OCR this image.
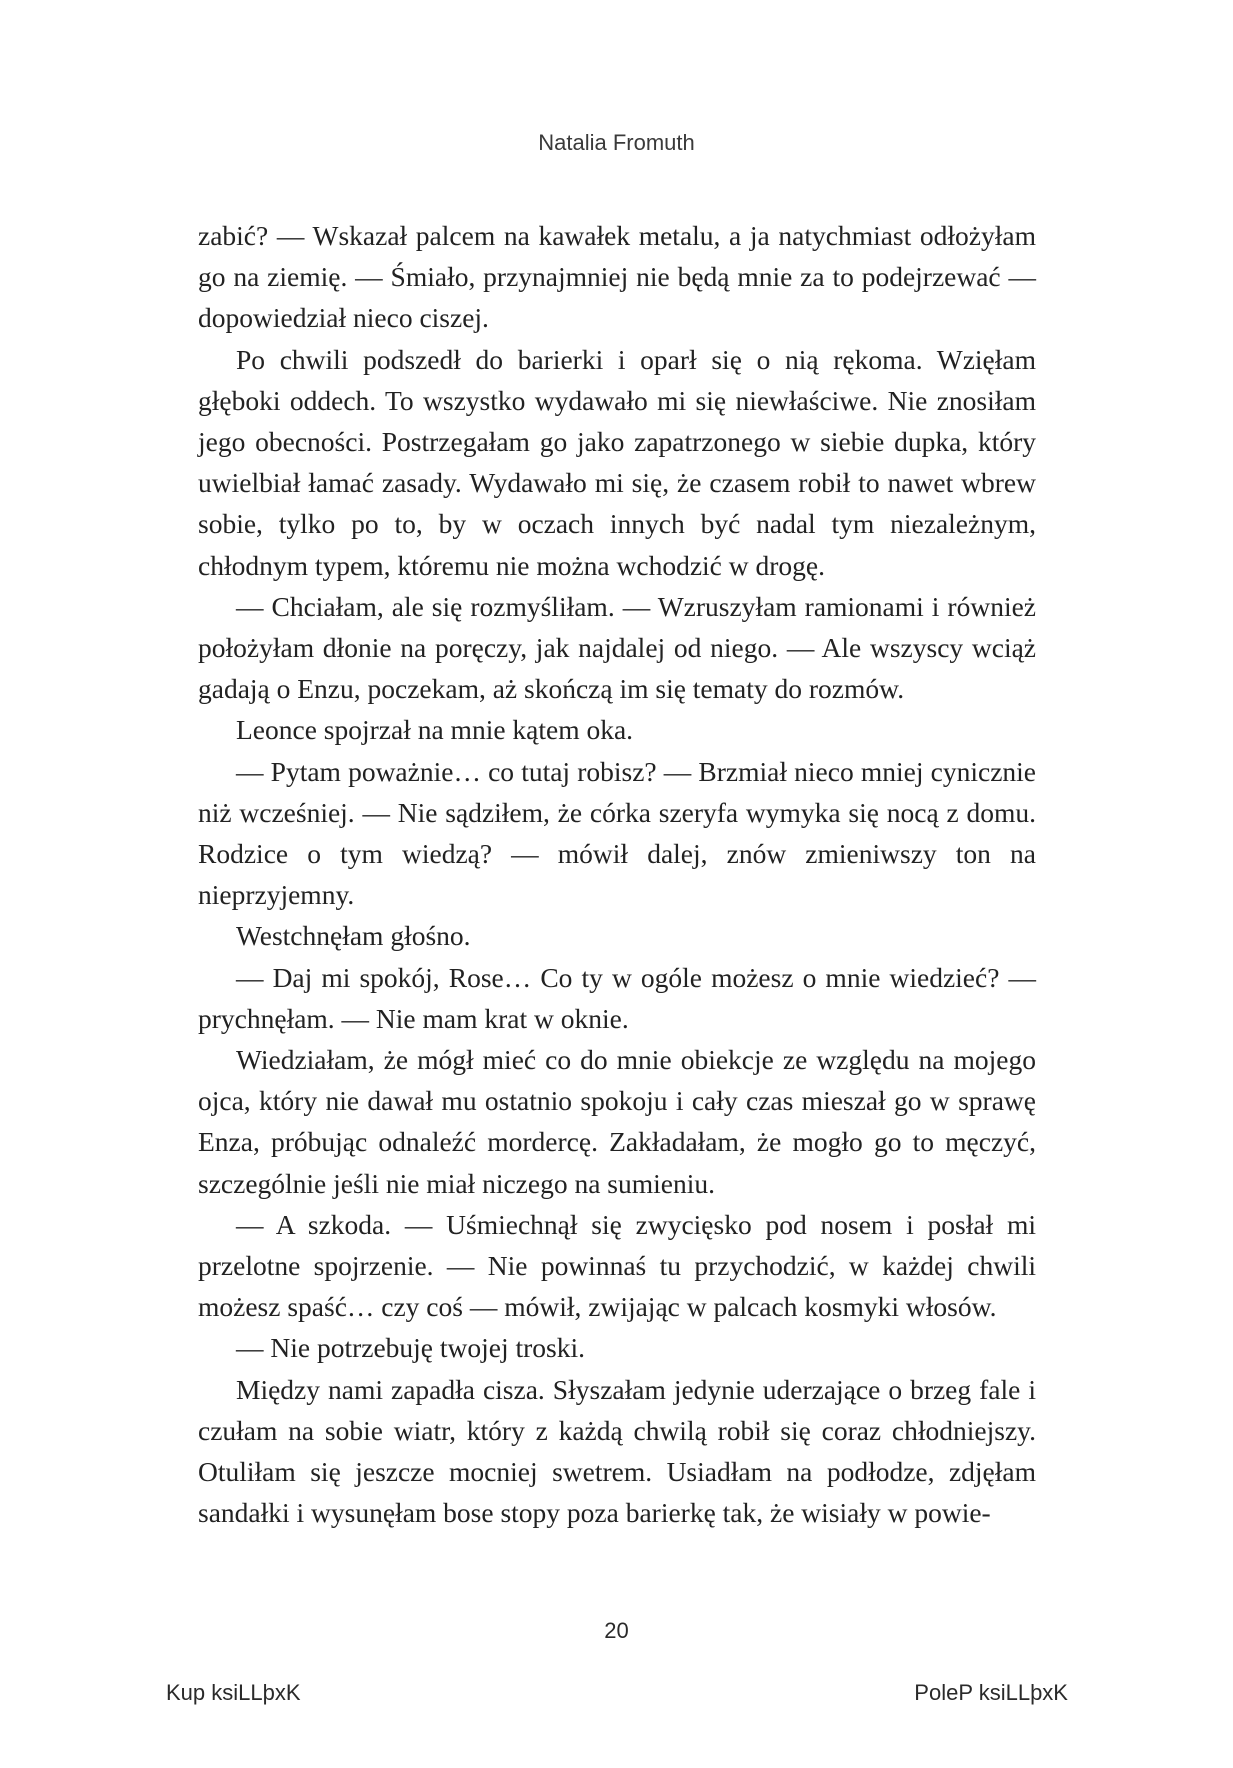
Natalia Fromuth

zabić? — Wskazał palcem na kawałek metalu, a ja natychmiast odłożyłam go na ziemię. — Śmiało, przynajmniej nie będą mnie za to podejrzewać — dopowiedział nieco ciszej.

Po chwili podszedł do barierki i oparł się o nią rękoma. Wzięłam głęboki oddech. To wszystko wydawało mi się niewłaściwe. Nie znosiłam jego obecności. Postrzegałam go jako zapatrzonego w siebie dupka, który uwielbiał łamać zasady. Wydawało mi się, że czasem robił to nawet wbrew sobie, tylko po to, by w oczach innych być nadal tym niezależnym, chłodnym typem, któremu nie można wchodzić w drogę.

— Chciałam, ale się rozmyśliłam. — Wzruszyłam ramionami i również położyłam dłonie na poręczy, jak najdalej od niego. — Ale wszyscy wciąż gadają o Enzu, poczekam, aż skończą im się tematy do rozmów.

Leonce spojrzał na mnie kątem oka.

— Pytam poważnie… co tutaj robisz? — Brzmiał nieco mniej cynicznie niż wcześniej. — Nie sądziłem, że córka szeryfa wymyka się nocą z domu. Rodzice o tym wiedzą? — mówił dalej, znów zmieniwszy ton na nieprzyjemny.

Westchnęłam głośno.

— Daj mi spokój, Rose… Co ty w ogóle możesz o mnie wiedzieć? — prychnęłam. — Nie mam krat w oknie.

Wiedziałam, że mógł mieć co do mnie obiekcje ze względu na mojego ojca, który nie dawał mu ostatnio spokoju i cały czas mieszał go w sprawę Enza, próbując odnaleźć mordercę. Zakładałam, że mogło go to męczyć, szczególnie jeśli nie miał niczego na sumieniu.

— A szkoda. — Uśmiechnął się zwycięsko pod nosem i posłał mi przelotne spojrzenie. — Nie powinnaś tu przychodzić, w każdej chwili możesz spaść… czy coś — mówił, zwijając w palcach kosmyki włosów.

— Nie potrzebuję twojej troski.

Między nami zapadła cisza. Słyszałam jedynie uderzające o brzeg fale i czułam na sobie wiatr, który z każdą chwilą robił się coraz chłodniejszy. Otuliłam się jeszcze mocniej swetrem. Usiadłam na podłodze, zdjęłam sandałki i wysunęłam bose stopy poza barierkę tak, że wisiały w powie-

20
Kup ksiLLþxK	PoleP ksiLLþxK
